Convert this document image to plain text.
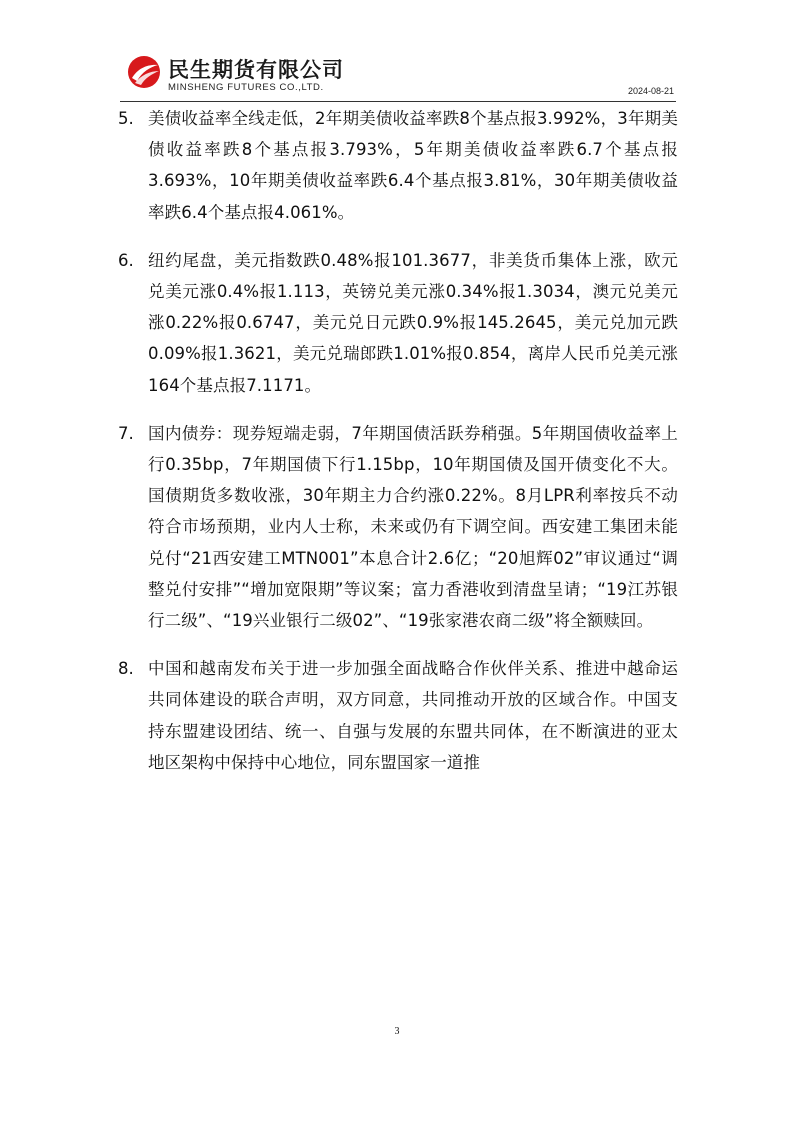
民生期货有限公司
MINSHENG FUTURES CO.,LTD.	2024-08-21
5. 美债收益率全线走低，2年期美债收益率跌8个基点报3.992%，3年期美债收益率跌8个基点报3.793%，5年期美债收益率跌6.7个基点报3.693%，10年期美债收益率跌6.4个基点报3.81%，30年期美债收益率跌6.4个基点报4.061%。
6. 纽约尾盘，美元指数跌0.48%报101.3677，非美货币集体上涨，欧元兑美元涨0.4%报1.113，英镑兑美元涨0.34%报1.3034，澳元兑美元涨0.22%报0.6747，美元兑日元跌0.9%报145.2645，美元兑加元跌0.09%报1.3621，美元兑瑞郎跌1.01%报0.854，离岸人民币兑美元涨164个基点报7.1171。
7. 国内债券：现券短端走弱，7年期国债活跃券稍强。5年期国债收益率上行0.35bp，7年期国债下行1.15bp，10年期国债及国开债变化不大。国债期货多数收涨，30年期主力合约涨0.22%。8月LPR利率按兵不动符合市场预期，业内人士称，未来或仍有下调空间。西安建工集团未能兑付“21西安建工MTN001”本息合计2.6亿；“20旭辉02”审议通过“调整兑付安排”“增加宽限期”等议案；富力香港收到清盘呈请；“19江苏银行二级”、“19兴业银行二级02”、“19张家港农商二级”将全额赎回。
8. 中国和越南发布关于进一步加强全面战略合作伙伴关系、推进中越命运共同体建设的联合声明，双方同意，共同推动开放的区域合作。中国支持东盟建设团结、统一、自强与发展的东盟共同体，在不断演进的亚太地区架构中保持中心地位，同东盟国家一道推
3
